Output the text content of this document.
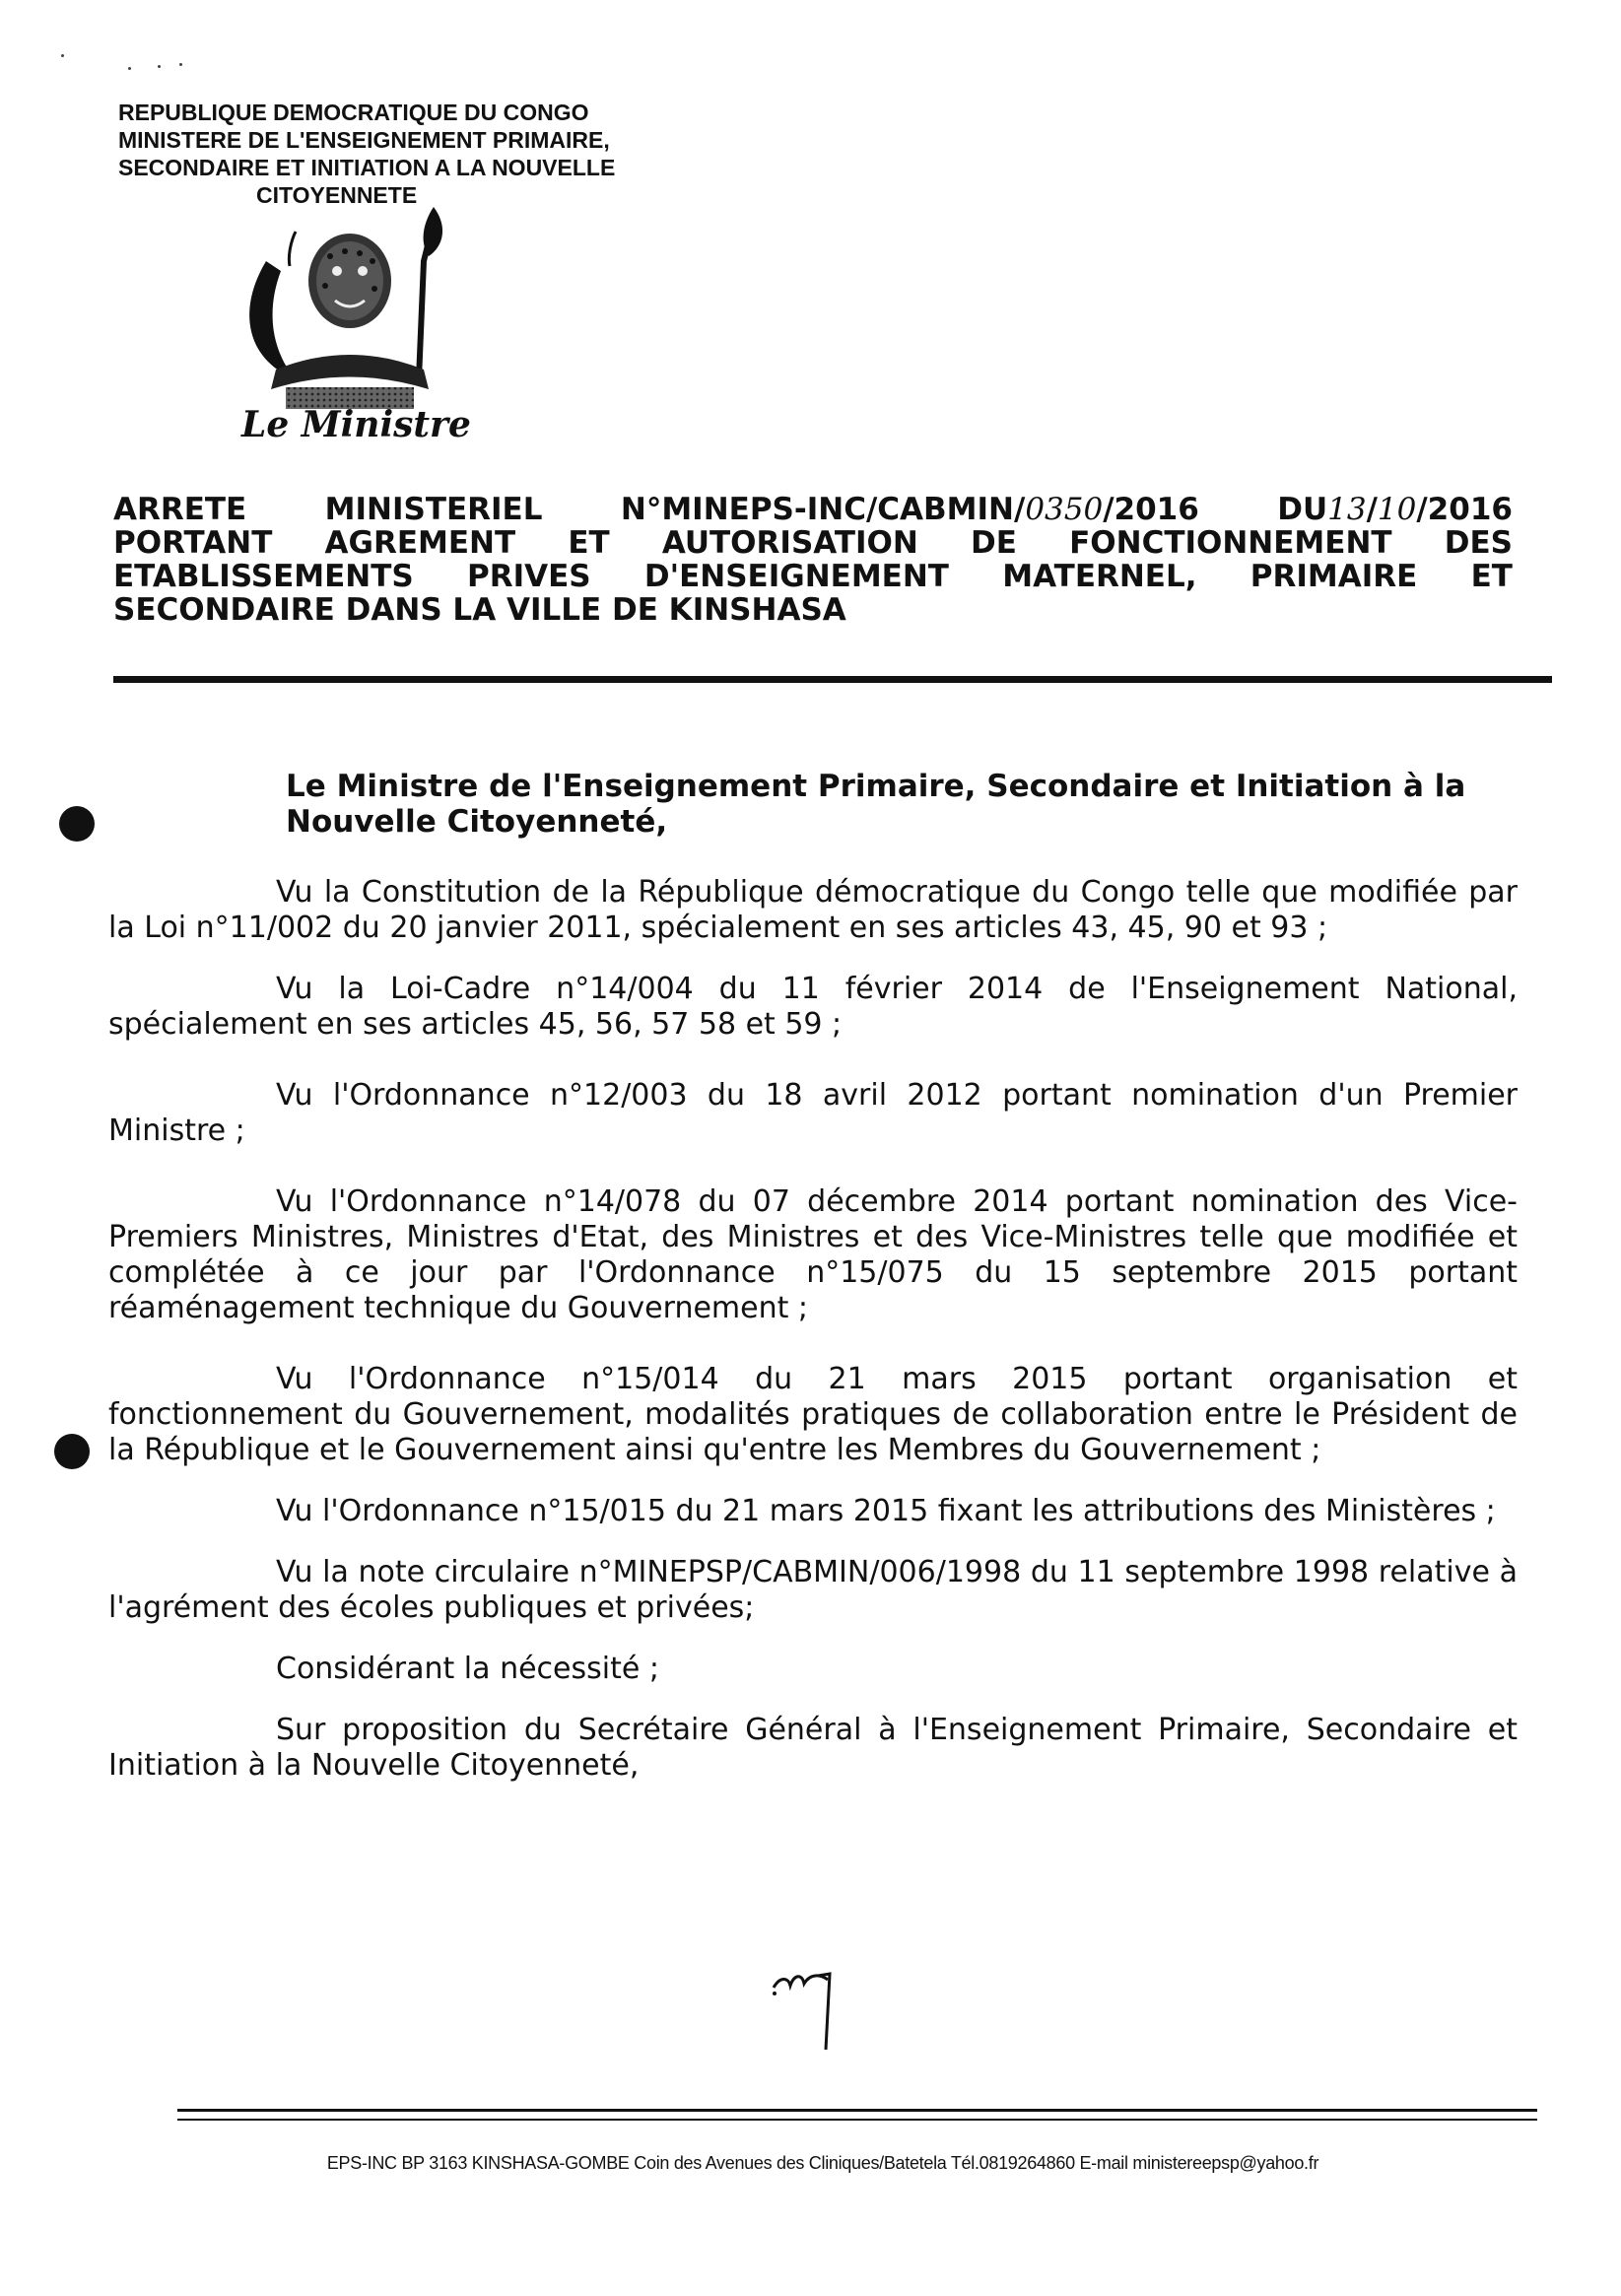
REPUBLIQUE DEMOCRATIQUE DU CONGO
MINISTERE DE L'ENSEIGNEMENT PRIMAIRE,
SECONDAIRE ET INITIATION A LA NOUVELLE
CITOYENNETE
Le Ministre
ARRETE	MINISTERIEL	N°MINEPS-INC/CABMIN/0350/2016	DU13/10/2016
PORTANT AGREMENT ET AUTORISATION DE FONCTIONNEMENT DES
ETABLISSEMENTS PRIVES D'ENSEIGNEMENT MATERNEL, PRIMAIRE ET
SECONDAIRE DANS LA VILLE DE KINSHASA
Le Ministre de l'Enseignement Primaire, Secondaire et Initiation à la Nouvelle Citoyenneté,

Vu la Constitution de la République démocratique du Congo telle que modifiée par la Loi n°11/002 du 20 janvier 2011, spécialement en ses articles 43, 45, 90 et 93 ;

Vu la Loi-Cadre n°14/004 du 11 février 2014 de l'Enseignement National, spécialement en ses articles 45, 56, 57 58 et 59 ;

Vu l'Ordonnance n°12/003 du 18 avril 2012 portant nomination d'un Premier Ministre ;

Vu l'Ordonnance n°14/078 du 07 décembre 2014 portant nomination des Vice-Premiers Ministres, Ministres d'Etat, des Ministres et des Vice-Ministres telle que modifiée et complétée à ce jour par l'Ordonnance n°15/075 du 15 septembre 2015 portant réaménagement technique du Gouvernement ;

Vu l'Ordonnance n°15/014 du 21 mars 2015 portant organisation et fonctionnement du Gouvernement, modalités pratiques de collaboration entre le Président de la République et le Gouvernement ainsi qu'entre les Membres du Gouvernement ;

Vu l'Ordonnance n°15/015 du 21 mars 2015 fixant les attributions des Ministères ;

Vu la note circulaire n°MINEPSP/CABMIN/006/1998 du 11 septembre 1998 relative à l'agrément des écoles publiques et privées;

Considérant la nécessité ;

Sur proposition du Secrétaire Général à l'Enseignement Primaire, Secondaire et Initiation à la Nouvelle Citoyenneté,

EPS-INC BP 3163 KINSHASA-GOMBE Coin des Avenues des Cliniques/Batetela Tél.0819264860 E-mail ministereepsp@yahoo.fr
